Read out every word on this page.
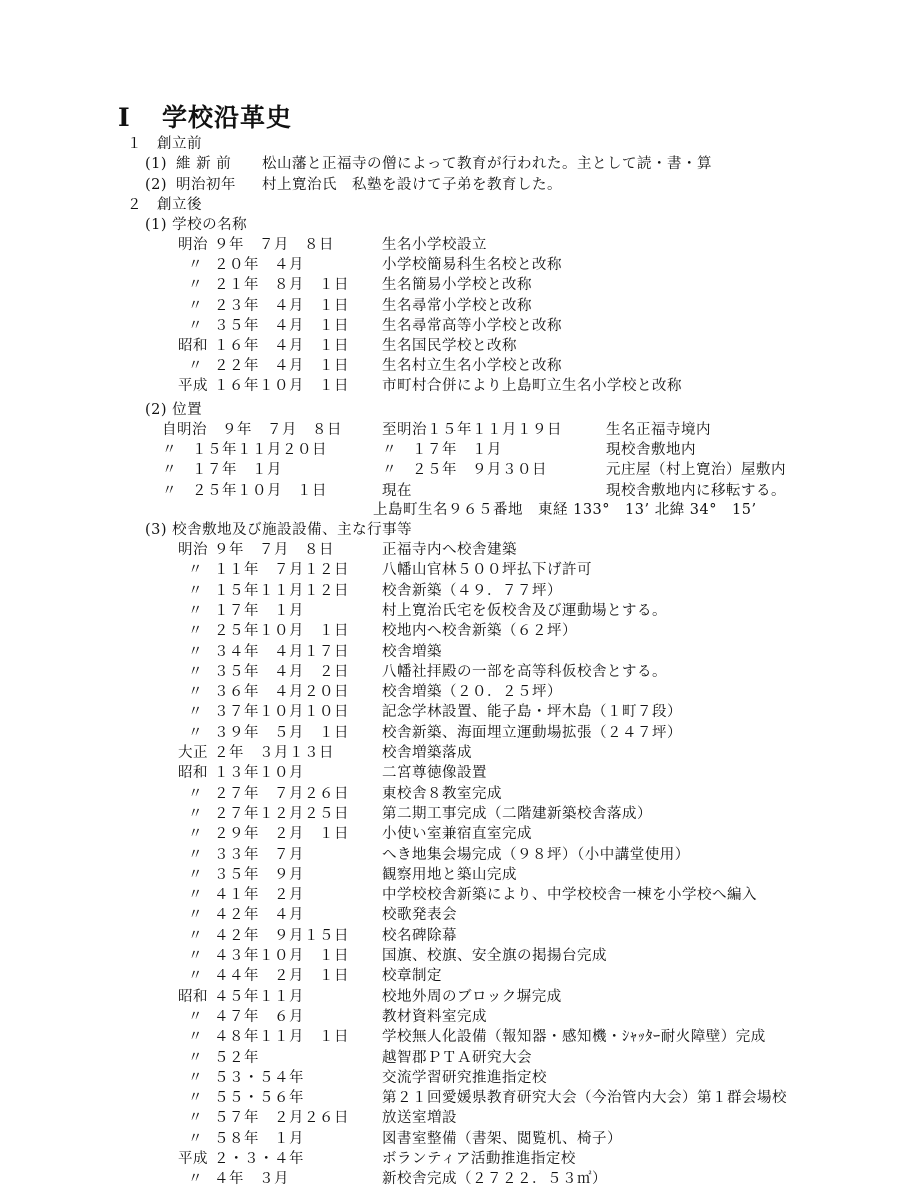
I 学校沿革史
１　創立前
(1) 維 新 前 松山藩と正福寺の僧によって教育が行われた。主として読・書・算
(2) 明治初年 村上寛治氏　私塾を設けて子弟を教育した。
２　創立後
(1) 学校の名称
明治 ９年　７月　８日	生名小学校設立
〃 ２０年　４月	小学校簡易科生名校と改称
〃 ２１年　８月　１日 生名簡易小学校と改称
〃 ２３年　４月　１日 生名尋常小学校と改称
〃 ３５年　４月　１日 生名尋常高等小学校と改称
昭和 １６年　４月　１日 生名国民学校と改称
〃 ２２年　４月　１日 生名村立生名小学校と改称
平成 １６年１０月　１日 市町村合併により上島町立生名小学校と改称
(2) 位置
自明治　９年　７月　８日	至明治１５年１１月１９日	生名正福寺境内
〃　１５年１１月２０日	〃　１７年　１月	現校舎敷地内
〃　１７年　１月	〃　２５年　９月３０日	元庄屋（村上寛治）屋敷内
〃　２５年１０月　１日	現在	現校舎敷地内に移転する。
上島町生名９６５番地　東経 133°　13’ 北緯 34°　15’
(3) 校舎敷地及び施設設備、主な行事等
明治 ９年　７月　８日	正福寺内へ校舎建築
〃 １１年　７月１２日 八幡山官林５００坪払下げ許可
〃 １５年１１月１２日 校舎新築（４９．７７坪）
〃 １７年　１月	村上寛治氏宅を仮校舎及び運動場とする。
〃 ２５年１０月　１日 校地内へ校舎新築（６２坪）
〃 ３４年　４月１７日 校舎増築
〃 ３５年　４月　２日 八幡社拝殿の一部を高等科仮校舎とする。
〃 ３６年　４月２０日 校舎増築（２０．２５坪）
〃 ３７年１０月１０日 記念学林設置、能子島・坪木島（１町７段）
〃 ３９年　５月　１日 校舎新築、海面埋立運動場拡張（２４７坪）
大正 ２年　３月１３日	校舎増築落成
昭和 １３年１０月	二宮尊徳像設置
〃 ２７年　７月２６日 東校舎８教室完成
〃 ２７年１２月２５日 第二期工事完成（二階建新築校舎落成）
〃 ２９年　２月　１日 小使い室兼宿直室完成
〃 ３３年　７月	へき地集会場完成（９８坪）（小中講堂使用）
〃 ３５年　９月	観察用地と築山完成
〃 ４１年　２月	中学校校舎新築により、中学校校舎一棟を小学校へ編入
〃 ４２年　４月	校歌発表会
〃 ４２年　９月１５日 校名碑除幕
〃 ４３年１０月　１日 国旗、校旗、安全旗の掲揚台完成
〃 ４４年　２月　１日 校章制定
昭和 ４５年１１月	校地外周のブロック塀完成
〃 ４７年　６月	教材資料室完成
〃 ４８年１１月　１日 学校無人化設備（報知器・感知機・ｼｬｯﾀｰ耐火障壁）完成
〃 ５２年	越智郡ＰＴＡ研究大会
〃 ５３・５４年	交流学習研究推進指定校
〃 ５５・５６年	第２１回愛媛県教育研究大会（今治管内大会）第１群会場校
〃 ５７年　２月２６日 放送室増設
〃 ５８年　１月	図書室整備（書架、閲覧机、椅子）
平成 ２・３・４年	ボランティア活動推進指定校
〃 ４年　３月	新校舎完成（２７２２．５３㎡）
